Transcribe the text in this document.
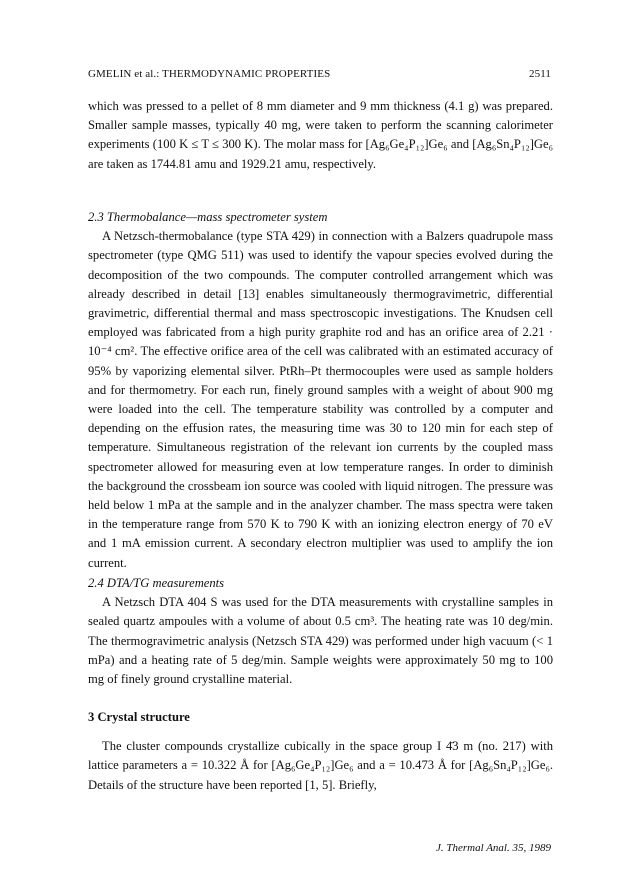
GMELIN et al.: THERMODYNAMIC PROPERTIES	2511

which was pressed to a pellet of 8 mm diameter and 9 mm thickness (4.1 g) was prepared. Smaller sample masses, typically 40 mg, were taken to perform the scanning calorimeter experiments (100 K ≤ T ≤ 300 K). The molar mass for [Ag₆Ge₄P₁₂]Ge₆ and [Ag₆Sn₄P₁₂]Ge₆ are taken as 1744.81 amu and 1929.21 amu, respectively.

2.3 Thermobalance—mass spectrometer system

A Netzsch-thermobalance (type STA 429) in connection with a Balzers quadrupole mass spectrometer (type QMG 511) was used to identify the vapour species evolved during the decomposition of the two compounds. The computer controlled arrangement which was already described in detail [13] enables simultaneously thermogravimetric, differential gravimetric, differential thermal and mass spectroscopic investigations. The Knudsen cell employed was fabricated from a high purity graphite rod and has an orifice area of 2.21 · 10⁻⁴ cm². The effective orifice area of the cell was calibrated with an estimated accuracy of 95% by vaporizing elemental silver. PtRh–Pt thermocouples were used as sample holders and for thermometry. For each run, finely ground samples with a weight of about 900 mg were loaded into the cell. The temperature stability was controlled by a computer and depending on the effusion rates, the measuring time was 30 to 120 min for each step of temperature. Simultaneous registration of the relevant ion currents by the coupled mass spectrometer allowed for measuring even at low temperature ranges. In order to diminish the background the crossbeam ion source was cooled with liquid nitrogen. The pressure was held below 1 mPa at the sample and in the analyzer chamber. The mass spectra were taken in the temperature range from 570 K to 790 K with an ionizing electron energy of 70 eV and 1 mA emission current. A secondary electron multiplier was used to amplify the ion current.

2.4 DTA/TG measurements

A Netzsch DTA 404 S was used for the DTA measurements with crystalline samples in sealed quartz ampoules with a volume of about 0.5 cm³. The heating rate was 10 deg/min. The thermogravimetric analysis (Netzsch STA 429) was performed under high vacuum (< 1 mPa) and a heating rate of 5 deg/min. Sample weights were approximately 50 mg to 100 mg of finely ground crystalline material.

3 Crystal structure

The cluster compounds crystallize cubically in the space group I 4̄3 m (no. 217) with lattice parameters a = 10.322 Å for [Ag₆Ge₄P₁₂]Ge₆ and a = 10.473 Å for [Ag₆Sn₄P₁₂]Ge₆. Details of the structure have been reported [1, 5]. Briefly,

J. Thermal Anal. 35, 1989
